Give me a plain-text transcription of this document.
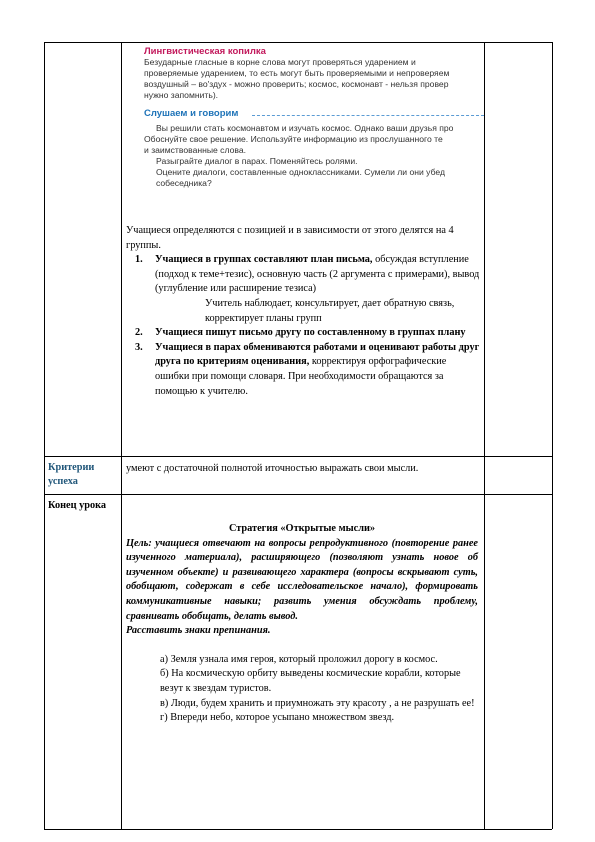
Лингвистическая копилка
Безударные гласные в корне слова могут проверяться ударением и
проверяемые ударением, то есть могут быть проверяемыми и непроверяем
воздушный – во'здух - можно проверить; космос, космонавт - нельзя провер
нужно запомнить).
Слушаем и говорим
Вы решили стать космонавтом и изучать космос. Однако ваши друзья про
Обоснуйте свое решение. Используйте информацию из прослушанного те
и заимствованные слова.
Разыграйте диалог в парах. Поменяйтесь ролями.
Оцените диалоги, составленные одноклассниками. Сумели ли они убед
собеседника?
Учащиеся определяются с позицией и в зависимости от этого делятся на 4 группы.
1. Учащиеся в группах составляют план письма, обсуждая вступление (подход к теме+тезис), основную часть (2 аргумента с примерами), вывод (углубление или расширение тезиса)
Учитель наблюдает, консультирует, дает обратную связь, корректирует планы групп
2. Учащиеся пишут письмо другу по составленному в группах плану
3. Учащиеся в парах обмениваются работами и оценивают работы друг друга по критериям оценивания, корректируя орфографические ошибки при помощи словаря. При необходимости обращаются за помощью к учителю.
Критерии успеха
умеют с достаточной полнотой иточностью выражать свои мысли.
Конец урока
Стратегия «Открытые мысли»
Цель: учащиеся отвечают на вопросы репродуктивного (повторение ранее изученного материала), расширяющего (позволяют узнать новое об изученном объекте) и развивающего характера (вопросы вскрывают суть, обобщают, содержат в себе исследовательское начало), формировать коммуникативные навыки; развить умения обсуждать проблему, сравнивать обобщать, делать вывод.
Расставить знаки препинания.
а) Земля узнала имя героя, который проложил дорогу в космос.
б) На космическую орбиту выведены космические корабли, которые везут к звездам туристов.
в) Люди, будем хранить и приумножать эту красоту , а не разрушать ее!
г) Впереди небо, которое усыпано множеством звезд.
